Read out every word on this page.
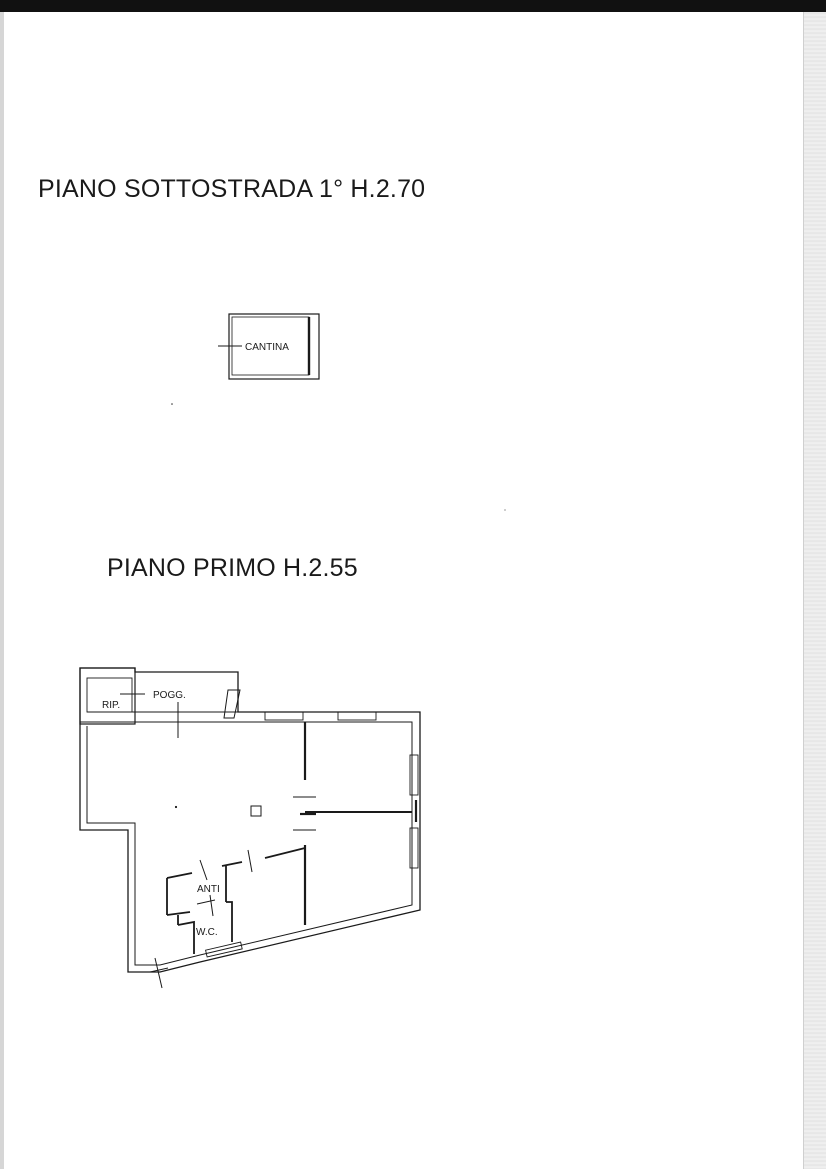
PIANO SOTTOSTRADA 1° H.2.70
PIANO PRIMO H.2.55
CANTINA
RIP.
POGG.
ANTI
W.C.
